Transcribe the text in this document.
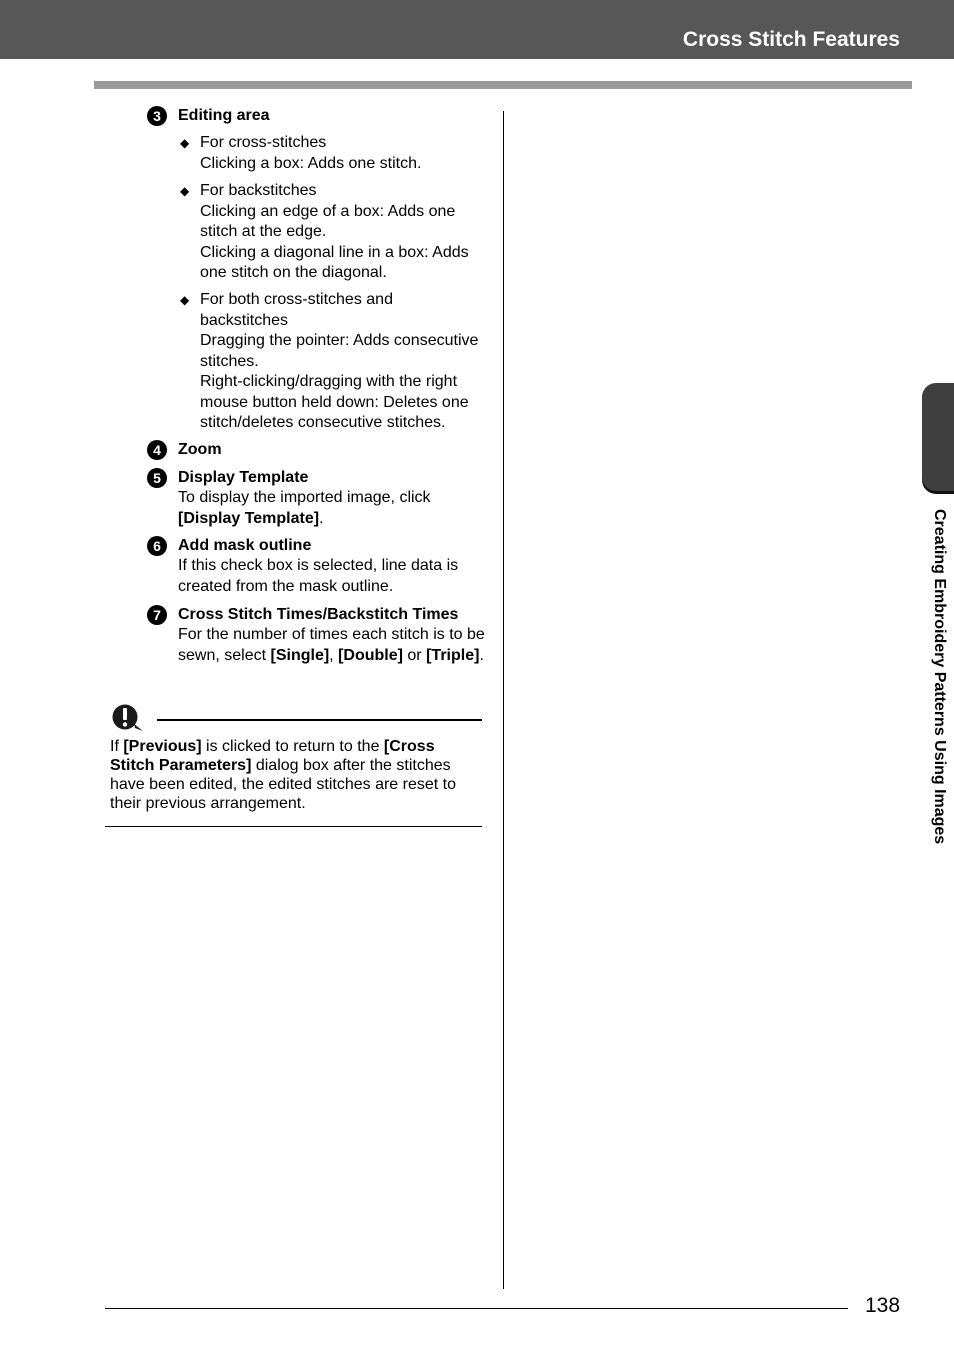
Cross Stitch Features
Creating Embroidery Patterns Using Images
3	Editing area
◆ For cross-stitches
Clicking a box: Adds one stitch.
◆ For backstitches
Clicking an edge of a box: Adds one stitch at the edge.
Clicking a diagonal line in a box: Adds one stitch on the diagonal.
◆ For both cross-stitches and backstitches
Dragging the pointer: Adds consecutive stitches.
Right-clicking/dragging with the right mouse button held down: Deletes one stitch/deletes consecutive stitches.
4	Zoom
5	Display Template
To display the imported image, click [Display Template].
6	Add mask outline
If this check box is selected, line data is created from the mask outline.
7	Cross Stitch Times/Backstitch Times
For the number of times each stitch is to be sewn, select [Single], [Double] or [Triple].
If [Previous] is clicked to return to the [Cross Stitch Parameters] dialog box after the stitches have been edited, the edited stitches are reset to their previous arrangement.
138
